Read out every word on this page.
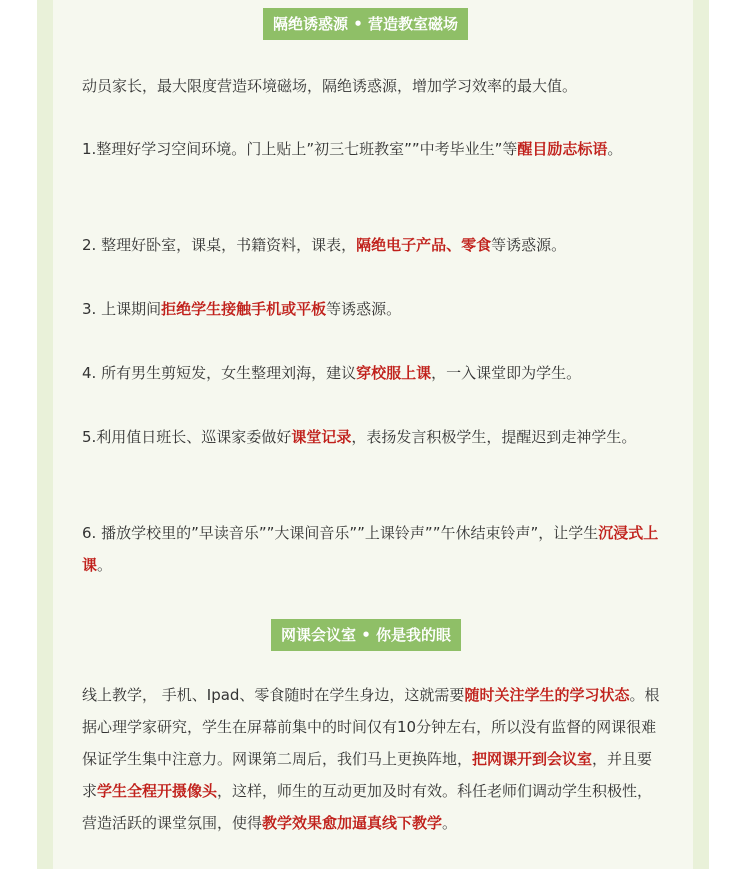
隔绝诱惑源 • 营造教室磁场
动员家长，最大限度营造环境磁场，隔绝诱惑源，增加学习效率的最大值。
1.整理好学习空间环境。门上贴上”初三七班教室””中考毕业生”等醒目励志标语。
2. 整理好卧室，课桌，书籍资料，课表，隔绝电子产品、零食等诱惑源。
3. 上课期间拒绝学生接触手机或平板等诱惑源。
4. 所有男生剪短发，女生整理刘海，建议穿校服上课，一入课堂即为学生。
5.利用值日班长、巡课家委做好课堂记录，表扬发言积极学生，提醒迟到走神学生。
6. 播放学校里的”早读音乐””大课间音乐””上课铃声””午休结束铃声”，让学生沉浸式上课。
网课会议室 • 你是我的眼
线上教学， 手机、Ipad、零食随时在学生身边，这就需要随时关注学生的学习状态。根据心理学家研究，学生在屏幕前集中的时间仅有10分钟左右，所以没有监督的网课很难保证学生集中注意力。网课第二周后，我们马上更换阵地，把网课开到会议室，并且要求学生全程开摄像头，这样，师生的互动更加及时有效。科任老师们调动学生积极性，营造活跃的课堂氛围，使得教学效果愈加逼真线下教学。
